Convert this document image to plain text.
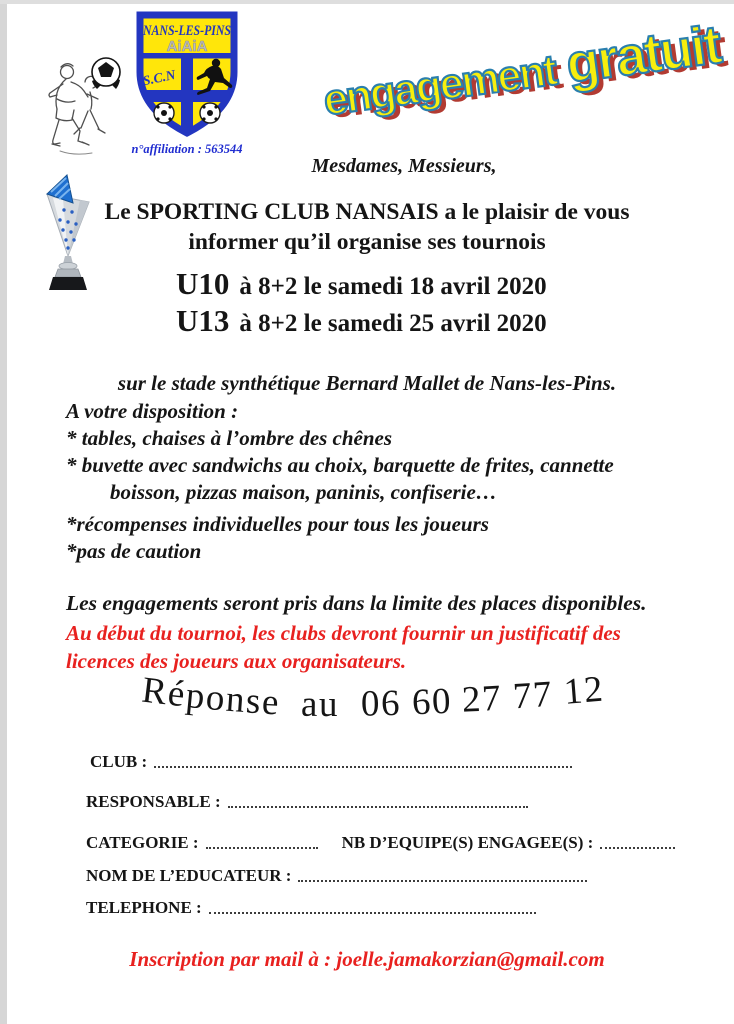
NANS-LES-PINS
AiAiA
S.C.N
n°affiliation : 563544
engagementgratuit
Mesdames, Messieurs,
Le SPORTING CLUB NANSAIS a le plaisir de vous
informer qu’il organise ses tournois
U10 à 8+2 le samedi 18 avril 2020
U13 à 8+2 le samedi 25 avril 2020
sur le stade synthétique Bernard Mallet de Nans-les-Pins.
A votre disposition :
* tables, chaises à l’ombre des chênes
* buvette avec sandwichs au choix, barquette de frites, cannette
boisson, pizzas maison, paninis, confiserie…
*récompenses individuelles pour tous les joueurs
*pas de caution
Les engagements seront pris dans la limite des places disponibles.
Au début du tournoi, les clubs devront fournir un justificatif des
licences des joueurs aux organisateurs.
Réponse au 06 60 27 77 12
CLUB :
RESPONSABLE :
CATEGORIE :	NB D’EQUIPE(S) ENGAGEE(S) :
NOM DE L’EDUCATEUR :
TELEPHONE :
Inscription par mail à : joelle.jamakorzian@gmail.com
